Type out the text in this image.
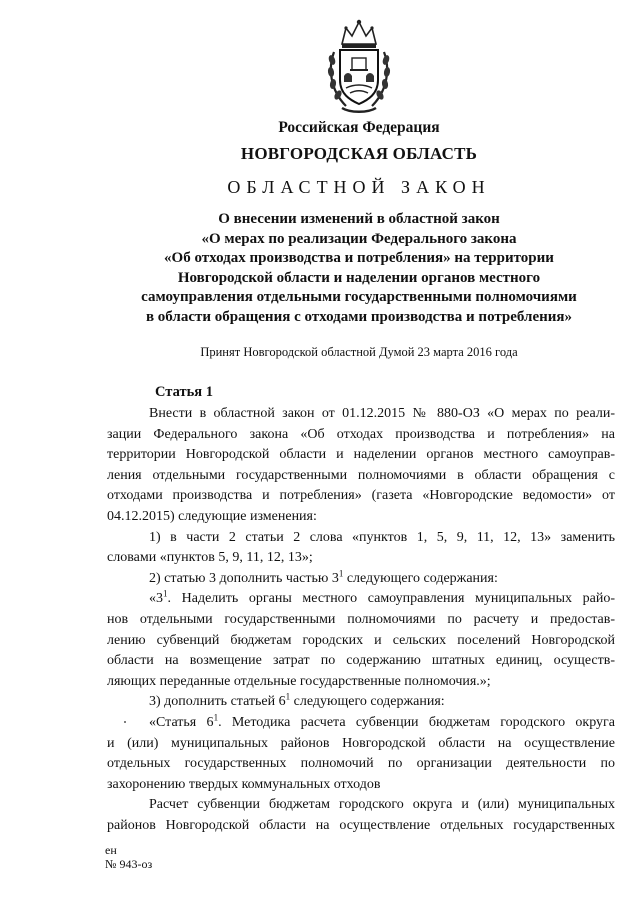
Российская Федерация
НОВГОРОДСКАЯ ОБЛАСТЬ
ОБЛАСТНОЙ ЗАКОН
О внесении изменений в областной закон
«О мерах по реализации Федерального закона
«Об отходах производства и потребления» на территории
Новгородской области и наделении органов местного
самоуправления отдельными государственными полномочиями
в области обращения с отходами производства и потребления»
Принят Новгородской областной Думой 23 марта 2016 года
Статья 1
Внести в областной закон от 01.12.2015 № 880-ОЗ «О мерах по реали-
зации Федерального закона «Об отходах производства и потребления» на
территории Новгородской области и наделении органов местного самоуправ-
ления отдельными государственными полномочиями в области обращения с
отходами производства и потребления» (газета «Новгородские ведомости» от
04.12.2015) следующие изменения:
1) в части 2 статьи 2 слова «пунктов 1, 5, 9, 11, 12, 13» заменить
словами «пунктов 5, 9, 11, 12, 13»;
2) статью 3 дополнить частью $3^1$ следующего содержания:
«$3^1$. Наделить органы местного самоуправления муниципальных райо-
нов отдельными государственными полномочиями по расчету и предостав-
лению субвенций бюджетам городских и сельских поселений Новгородской
области на возмещение затрат по содержанию штатных единиц, осуществ-
ляющих переданные отдельные государственные полномочия.»;
3) дополнить статьей $6^1$ следующего содержания:
«Статья $6^1$. Методика расчета субвенции бюджетам городского округа
и (или) муниципальных районов Новгородской области на осуществление
отдельных государственных полномочий по организации деятельности по
захоронению твердых коммунальных отходов
Расчет субвенции бюджетам городского округа и (или) муниципальных
районов Новгородской области на осуществление отдельных государственных
ен
№ 943-оз
